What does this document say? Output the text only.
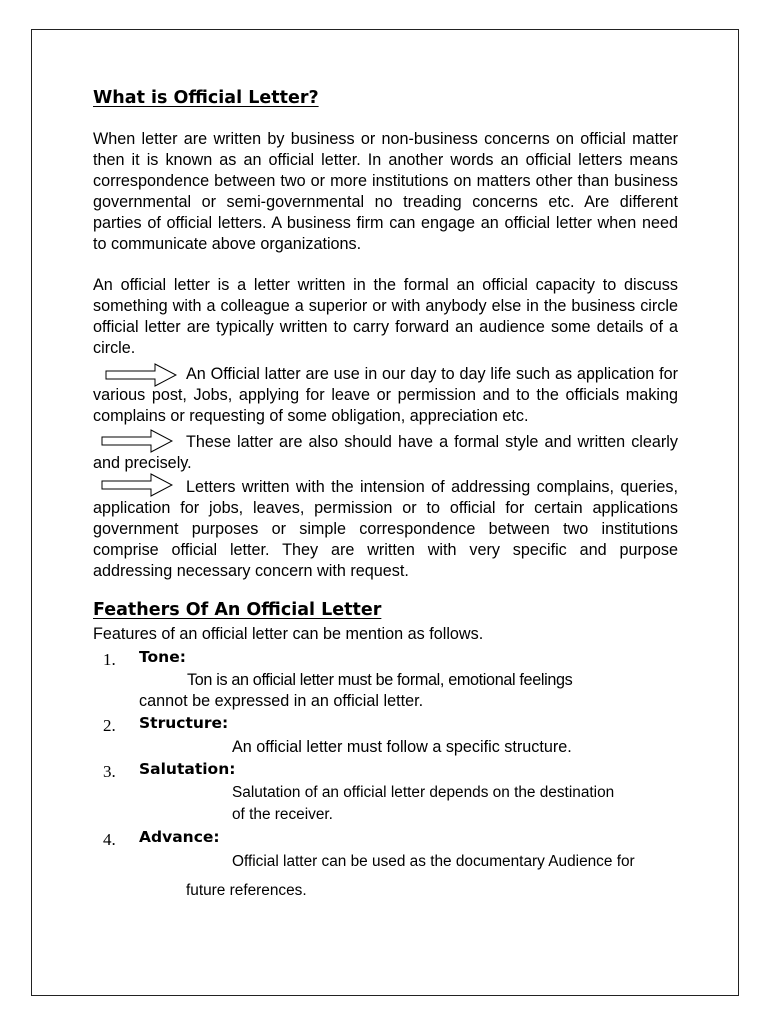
What is Official Letter?

When letter are written by business or non-business concerns on official matter then it is known as an official letter. In another words an official letters means correspondence between two or more institutions on matters other than business governmental or semi-governmental no treading concerns etc. Are different parties of official letters. A business firm can engage an official letter when need to communicate above organizations.

An official letter is a letter written in the formal an official capacity to discuss something with a colleague a superior or with anybody else in the business circle official letter are typically written to carry forward an audience some details of a circle.

An Official latter are use in our day to day life such as application for various post, Jobs, applying for leave or permission and to the officials making complains or requesting of some obligation, appreciation etc.

These latter are also should have a formal style and written clearly and precisely.

Letters written with the intension of addressing complains, queries, application for jobs, leaves, permission or to official for certain applications government purposes or simple correspondence between two institutions comprise official letter. They are written with very specific and purpose addressing necessary concern with request.

Feathers Of An Official Letter

Features of an official letter can be mention as follows.

1. Tone:
Ton is an official letter must be formal, emotional feelings
cannot be expressed in an official letter.
2. Structure:
An official letter must follow a specific structure.
3. Salutation:
Salutation of an official letter depends on the destination
of the receiver.
4. Advance:
Official latter can be used as the documentary Audience for
future references.
